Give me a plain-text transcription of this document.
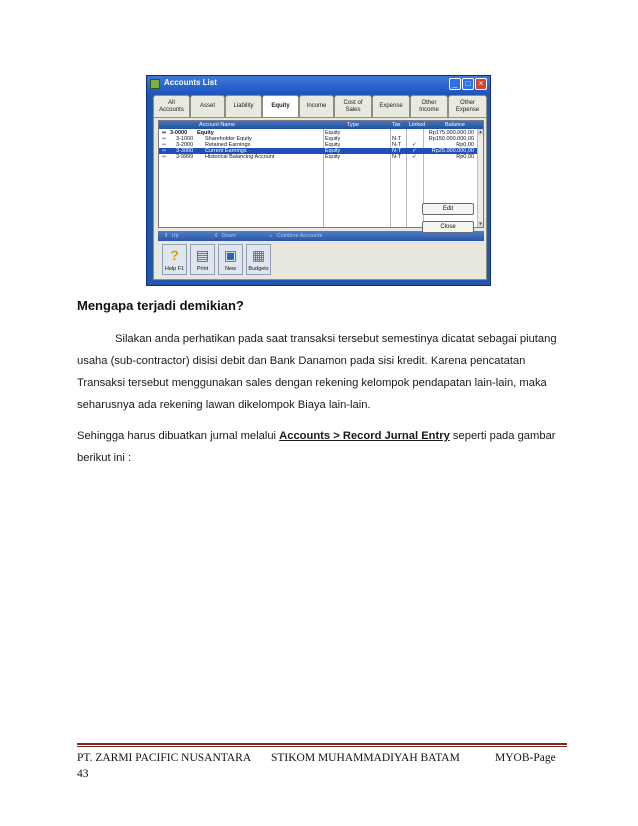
Accounts List	_	□	×
All
Accounts
Asset	Liability	Equity	Income
Cost of
Sales
Expense
Other
Income
Other
Expense
Account Name	Type	Tax Linked	Balance
⇨ 3-0000 Equity	Equity	Rp175.000.000,00
⇨ 3-1000 Shareholder Equity	Equity	N-T	Rp150.000.000,00
⇨ 3-2000 Retained Earnings	Equity	N-T ✓	Rp0,00
⇨ 3-3000 Current Earnings	Equity	N-T ✓	Rp25.000.000,00
⇨ 3-9999 Historical Balancing Account	Equity	N-T ✓	Rp0,00
▲
▼
⇧ Up	⇩ Down	⇔ Combine Accounts
?
Help F1
▤
Print
▣
New
▦
Budgets
Edit
Close
Mengapa terjadi demikian?
Silakan anda perhatikan pada saat transaksi tersebut semestinya dicatat sebagai piutang
usaha (sub-contractor) disisi debit dan Bank Danamon pada sisi kredit. Karena pencatatan
Transaksi tersebut menggunakan sales dengan rekening kelompok pendapatan lain-lain, maka
seharusnya ada rekening lawan dikelompok Biaya lain-lain.
Sehingga harus dibuatkan jurnal melalui Accounts > Record Jurnal Entry seperti pada gambar
berikut ini :
PT. ZARMI PACIFIC NUSANTARA STIKOM MUHAMMADIYAH BATAM	MYOB-Page
43
